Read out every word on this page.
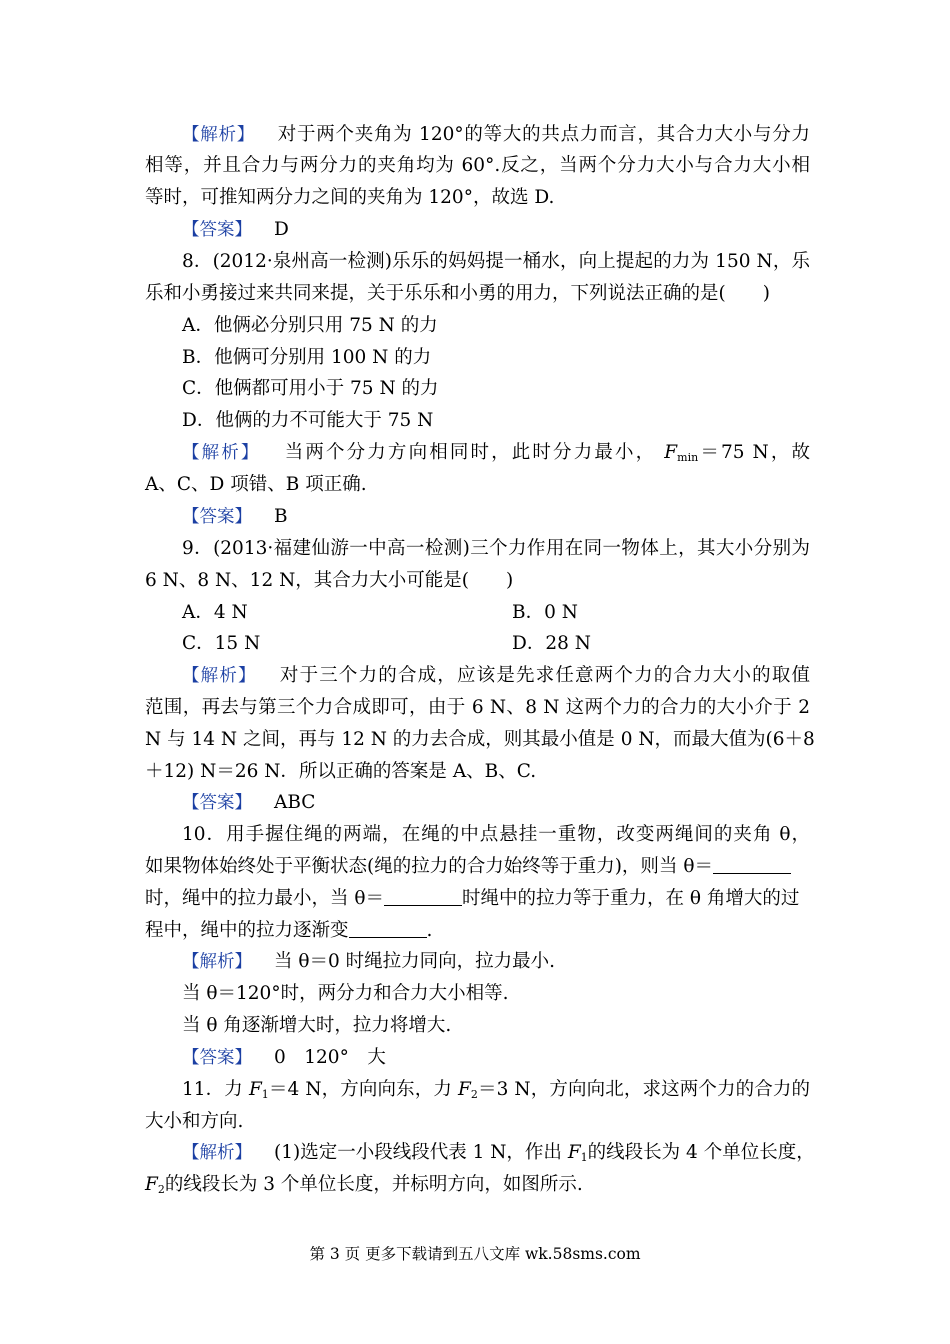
【解析】 对于两个夹角为 120°的等大的共点力而言，其合力大小与分力
相等，并且合力与两分力的夹角均为 60°.反之，当两个分力大小与合力大小相
等时，可推知两分力之间的夹角为 120°，故选 D.
【答案】 D
8．(2012·泉州高一检测)乐乐的妈妈提一桶水，向上提起的力为 150 N，乐
乐和小勇接过来共同来提，关于乐乐和小勇的用力，下列说法正确的是(　　)
A．他俩必分别只用 75 N 的力
B．他俩可分别用 100 N 的力
C．他俩都可用小于 75 N 的力
D．他俩的力不可能大于 75 N
【解析】 当两个分力方向相同时，此时分力最小， $F_{min}=75$ N，故
A、C、D 项错、B 项正确.
【答案】 B
9．(2013·福建仙游一中高一检测)三个力作用在同一物体上，其大小分别为
6 N、8 N、12 N，其合力大小可能是(　　)
A．4 N	B．0 N
C．15 N	D．28 N
【解析】 对于三个力的合成，应该是先求任意两个力的合力大小的取值
范围，再去与第三个力合成即可，由于 6 N、8 N 这两个力的合力的大小介于 2
N 与 14 N 之间，再与 12 N 的力去合成，则其最小值是 0 N，而最大值为(6＋8
＋12) N＝26 N．所以正确的答案是 A、B、C.
【答案】 ABC
10．用手握住绳的两端，在绳的中点悬挂一重物，改变两绳间的夹角 θ，
如果物体始终处于平衡状态(绳的拉力的合力始终等于重力)，则当 θ＝
时，绳中的拉力最小，当 θ＝	时绳中的拉力等于重力，在 θ 角增大的过
程中，绳中的拉力逐渐变	.
【解析】 当 θ＝0 时绳拉力同向，拉力最小.
当 θ＝120°时，两分力和合力大小相等.
当 θ 角逐渐增大时，拉力将增大.
【答案】 0　120°　大
11．力 $F_1=4$ N，方向向东，力 $F_2=3$ N，方向向北，求这两个力的合力的
大小和方向.
【解析】 (1)选定一小段线段代表 1 N，作出 $F_1$的线段长为 4 个单位长度，
$F_2$的线段长为 3 个单位长度，并标明方向，如图所示.
第 3 页 更多下载请到五八文库 wk.58sms.com
